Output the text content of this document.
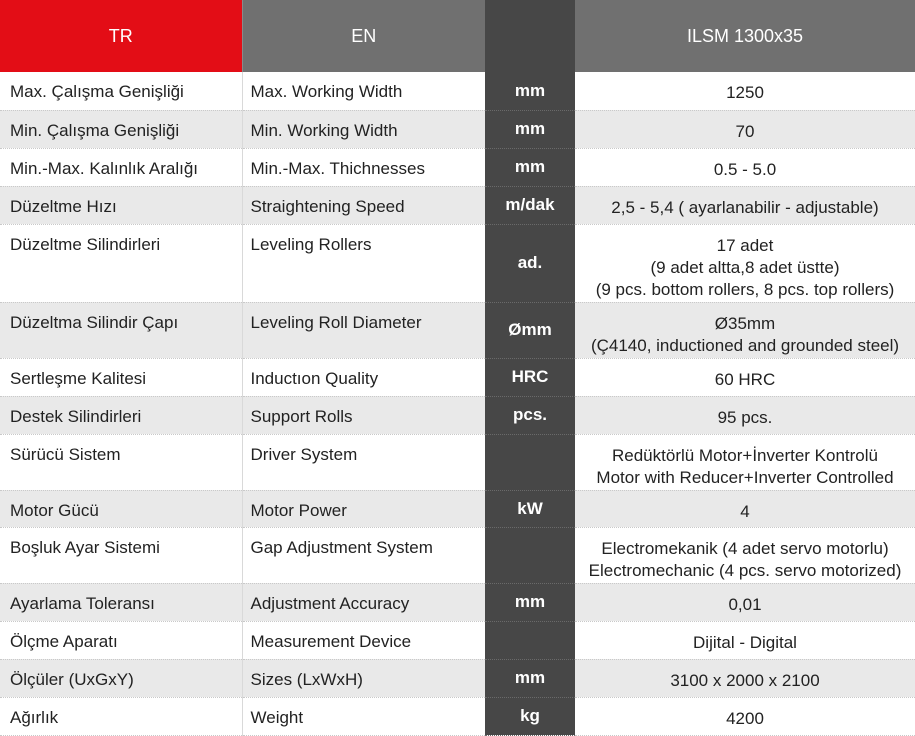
TR	EN		ILSM 1300x35
Max. Çalışma Genişliği	Max. Working Width	mm	1250

Min. Çalışma Genişliği	Min. Working Width	mm	70

Min.-Max. Kalınlık Aralığı	Min.-Max. Thichnesses	mm	0.5 - 5.0

Düzeltme Hızı	Straightening Speed	m/dak	2,5 - 5,4 ( ayarlanabilir - adjustable)

Düzeltme Silindirleri	Leveling Rollers	ad.	17 adet
(9 adet altta,8 adet üstte)
(9 pcs. bottom rollers, 8 pcs. top rollers)

Düzeltma Silindir Çapı	Leveling Roll Diameter	Ømm	Ø35mm
(Ç4140, inductioned and grounded steel)

Sertleşme Kalitesi	Inductıon Quality	HRC	60 HRC

Destek Silindirleri	Support Rolls	pcs.	95 pcs.

Sürücü Sistem	Driver System		Redüktörlü Motor+İnverter Kontrolü
Motor with Reducer+Inverter Controlled

Motor Gücü	Motor Power	kW	4

Boşluk Ayar Sistemi	Gap Adjustment System		Electromekanik (4 adet servo motorlu)
Electromechanic (4 pcs. servo motorized)

Ayarlama Toleransı	Adjustment Accuracy	mm	0,01

Ölçme Aparatı	Measurement Device		Dijital - Digital

Ölçüler (UxGxY)	Sizes (LxWxH)	mm	3100 x 2000 x 2100

Ağırlık	Weight	kg	4200
